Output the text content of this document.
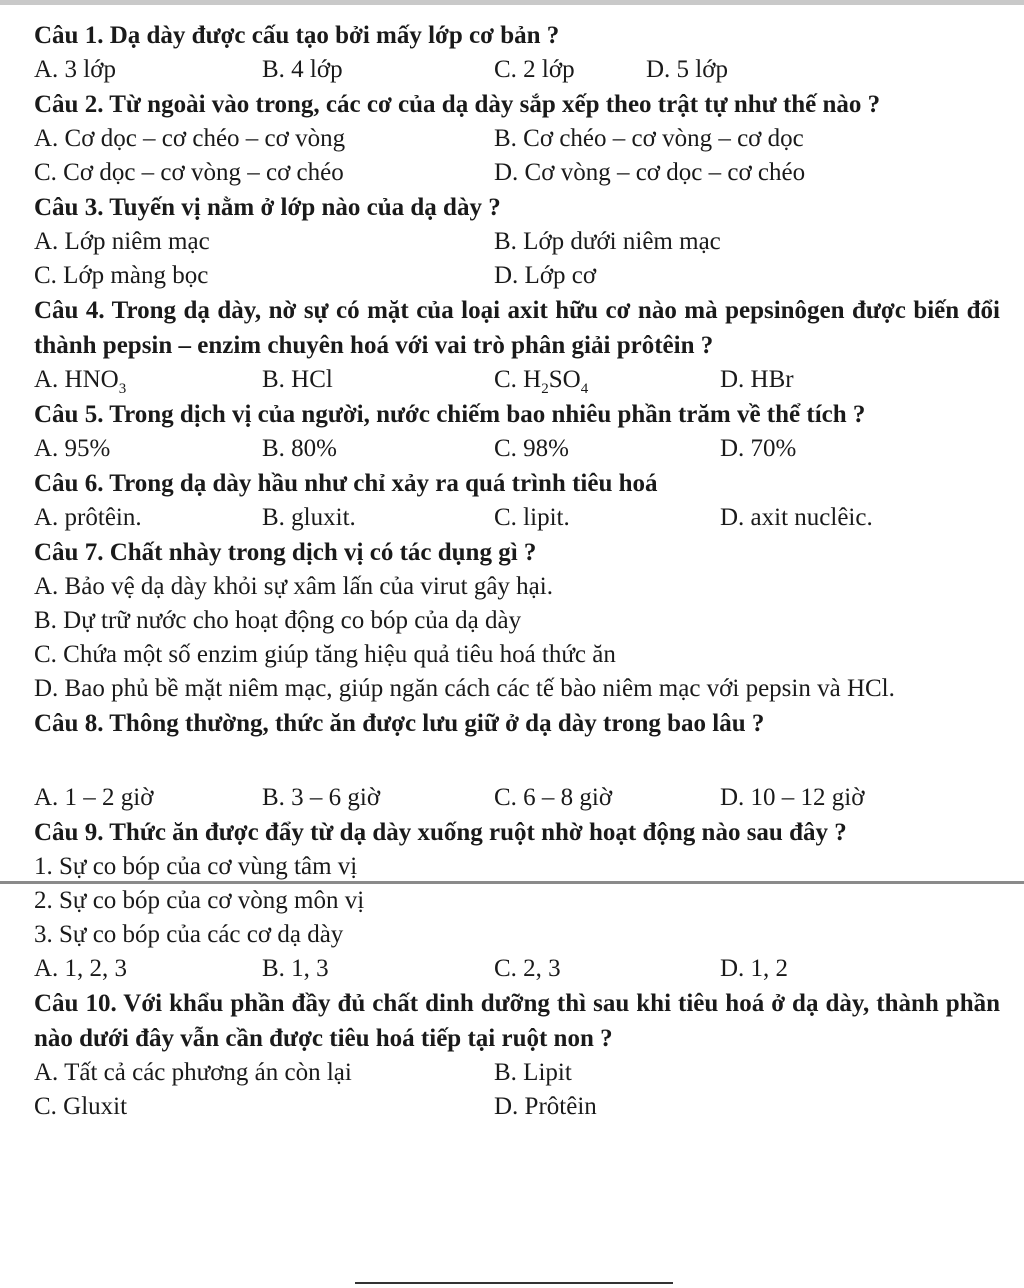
Câu 1. Dạ dày được cấu tạo bởi mấy lớp cơ bản ?

A. 3 lớp	B. 4 lớp	C. 2 lớp	D. 5 lớp

Câu 2. Từ ngoài vào trong, các cơ của dạ dày sắp xếp theo trật tự như thế nào ?

A. Cơ dọc – cơ chéo – cơ vòng	B. Cơ chéo – cơ vòng – cơ dọc
C. Cơ dọc – cơ vòng – cơ chéo	D. Cơ vòng – cơ dọc – cơ chéo

Câu 3. Tuyến vị nằm ở lớp nào của dạ dày ?

A. Lớp niêm mạc	B. Lớp dưới niêm mạc
C. Lớp màng bọc	D. Lớp cơ

Câu 4. Trong dạ dày, nờ sự có mặt của loại axit hữu cơ nào mà pepsinôgen được biến đổi thành pepsin – enzim chuyên hoá với vai trò phân giải prôtêin ?

A. $HNO_3$	B. HCl	C. $H_2SO_4$	D. HBr

Câu 5. Trong dịch vị của người, nước chiếm bao nhiêu phần trăm về thể tích ?

A. 95%	B. 80%	C. 98%	D. 70%

Câu 6. Trong dạ dày hầu như chỉ xảy ra quá trình tiêu hoá

A. prôtêin.	B. gluxit.	C. lipit.	D. axit nuclêic.

Câu 7. Chất nhày trong dịch vị có tác dụng gì ?

A. Bảo vệ dạ dày khỏi sự xâm lấn của virut gây hại.

B. Dự trữ nước cho hoạt động co bóp của dạ dày

C. Chứa một số enzim giúp tăng hiệu quả tiêu hoá thức ăn

D. Bao phủ bề mặt niêm mạc, giúp ngăn cách các tế bào niêm mạc với pepsin và HCl.

Câu 8. Thông thường, thức ăn được lưu giữ ở dạ dày trong bao lâu ?

A. 1 – 2 giờ	B. 3 – 6 giờ	C. 6 – 8 giờ	D. 10 – 12 giờ

Câu 9. Thức ăn được đẩy từ dạ dày xuống ruột nhờ hoạt động nào sau đây ?

1. Sự co bóp của cơ vùng tâm vị

2. Sự co bóp của cơ vòng môn vị

3. Sự co bóp của các cơ dạ dày

A. 1, 2, 3	B. 1, 3	C. 2, 3	D. 1, 2

Câu 10. Với khẩu phần đầy đủ chất dinh dưỡng thì sau khi tiêu hoá ở dạ dày, thành phần nào dưới đây vẫn cần được tiêu hoá tiếp tại ruột non ?

A. Tất cả các phương án còn lại	B. Lipit
C. Gluxit	D. Prôtêin
